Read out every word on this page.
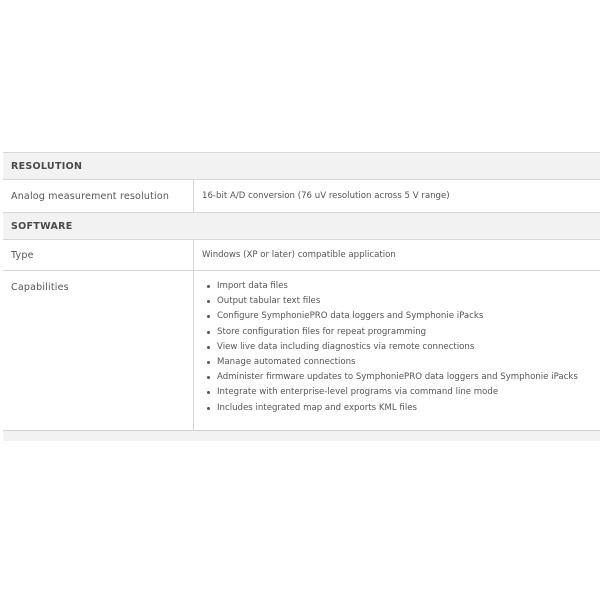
RESOLUTION
Analog measurement resolution	16-bit A/D conversion (76 uV resolution across 5 V range)
SOFTWARE
Type	Windows (XP or later) compatible application
Capabilities	Import data files
Output tabular text files
Configure SymphoniePRO data loggers and Symphonie iPacks
Store configuration files for repeat programming
View live data including diagnostics via remote connections
Manage automated connections
Administer firmware updates to SymphoniePRO data loggers and Symphonie iPacks
Integrate with enterprise-level programs via command line mode
Includes integrated map and exports KML files
